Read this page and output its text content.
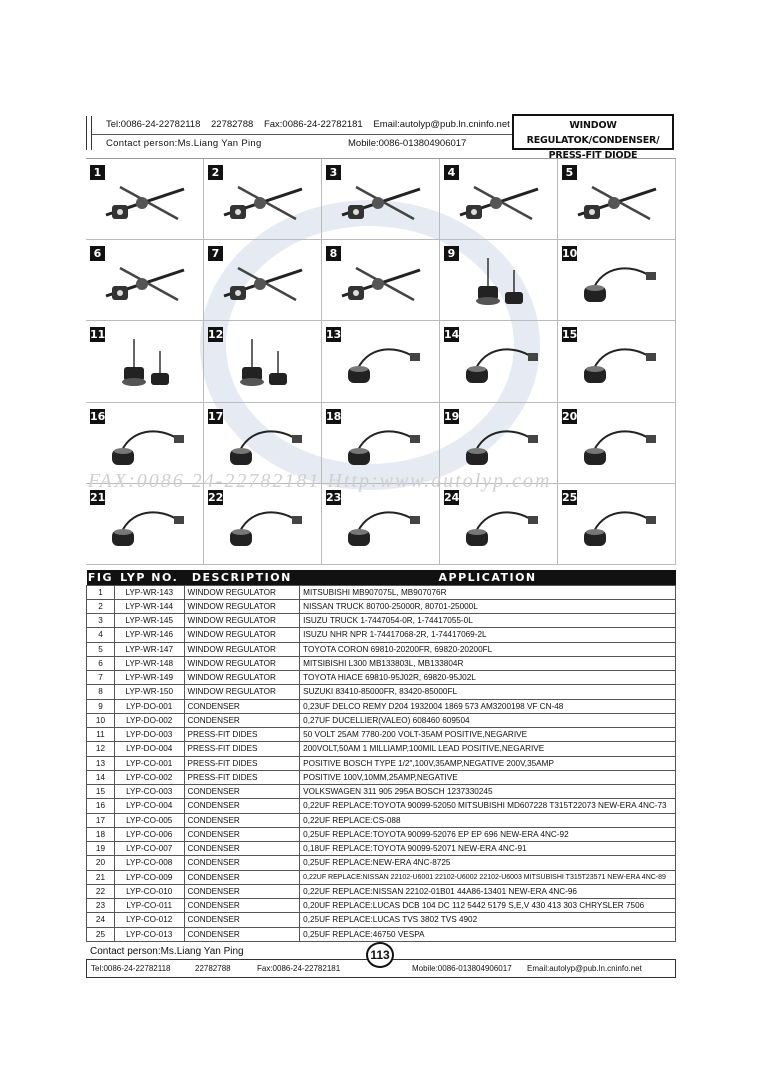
Tel:0086-24-22782118 22782788 Fax:0086-24-22782181 Email:autolyp@pub.ln.cninfo.net
Contact person:Ms.Liang Yan Ping	Mobile:0086-013804906017
WINDOW REGULATOK/CONDENSER/
PRESS-FIT DIODE
1	2	3	4	5
6	7	8	9	10
11	12	13	14	15
16	17	18	19	20
21	22	23	24	25
FAX:0086 24-22782181 Http:www.autolyp.com
FIG	LYP NO.	DESCRIPTION	APPLICATION
1	LYP-WR-143	WINDOW REGULATOR	MITSUBISHI MB907075L, MB907076R
2	LYP-WR-144	WINDOW REGULATOR	NISSAN TRUCK 80700-25000R, 80701-25000L
3	LYP-WR-145	WINDOW REGULATOR	ISUZU TRUCK 1-7447054-0R, 1-74417055-0L
4	LYP-WR-146	WINDOW REGULATOR	ISUZU NHR NPR 1-74417068-2R, 1-74417069-2L
5	LYP-WR-147	WINDOW REGULATOR	TOYOTA CORON 69810-20200FR, 69820-20200FL
6	LYP-WR-148	WINDOW REGULATOR	MITSIBISHI L300 MB133803L, MB133804R
7	LYP-WR-149	WINDOW REGULATOR	TOYOTA HIACE 69810-95J02R, 69820-95J02L
8	LYP-WR-150	WINDOW REGULATOR	SUZUKI 83410-85000FR, 83420-85000FL
9	LYP-DO-001	CONDENSER	0,23UF DELCO REMY D204 1932004 1869 573 AM3200198 VF CN-48
10	LYP-DO-002	CONDENSER	0,27UF DUCELLIER(VALEO) 608460 609504
11	LYP-DO-003	PRESS-FIT DIDES	50 VOLT 25AM 7780-200 VOLT-35AM POSITIVE,NEGARIVE
12	LYP-DO-004	PRESS-FIT DIDES	200VOLT,50AM 1 MILLIAMP,100MIL LEAD POSITIVE,NEGARIVE
13	LYP-CO-001	PRESS-FIT DIDES	POSITIVE BOSCH TYPE 1/2",100V,35AMP,NEGATIVE 200V,35AMP
14	LYP-CO-002	PRESS-FIT DIDES	POSITIVE 100V,10MM,25AMP,NEGATIVE
15	LYP-CO-003	CONDENSER	VOLKSWAGEN 311 905 295A BOSCH 1237330245
16	LYP-CO-004	CONDENSER	0,22UF REPLACE:TOYOTA 90099-52050 MITSUBISHI MD607228 T315T22073 NEW-ERA 4NC-73
17	LYP-CO-005	CONDENSER	0,22UF REPLACE:CS-088
18	LYP-CO-006	CONDENSER	0,25UF REPLACE:TOYOTA 90099-52076 EP EP 696 NEW-ERA 4NC-92
19	LYP-CO-007	CONDENSER	0,18UF REPLACE:TOYOTA 90099-52071 NEW-ERA 4NC-91
20	LYP-CO-008	CONDENSER	0,25UF REPLACE:NEW-ERA 4NC-8725
21	LYP-CO-009	CONDENSER	0,22UF REPLACE:NISSAN 22102-U6001 22102-U6002 22102-U6003 MITSUBISHI T315T23571 NEW-ERA 4NC-89
22	LYP-CO-010	CONDENSER	0,22UF REPLACE:NISSAN 22102-01B01 44A86-13401 NEW-ERA 4NC-96
23	LYP-CO-011	CONDENSER	0,20UF REPLACE:LUCAS DCB 104 DC 112 5442 5179 S,E,V 430 413 303 CHRYSLER 7506
24	LYP-CO-012	CONDENSER	0,25UF REPLACE:LUCAS TVS 3802 TVS 4902
25	LYP-CO-013	CONDENSER	0,25UF REPLACE:46750 VESPA
Contact person:Ms.Liang Yan Ping
Tel:0086-24-22782118	22782788	Fax:0086-24-22782181	Mobile:0086-013804906017 Email:autolyp@pub.ln.cninfo.net
113
